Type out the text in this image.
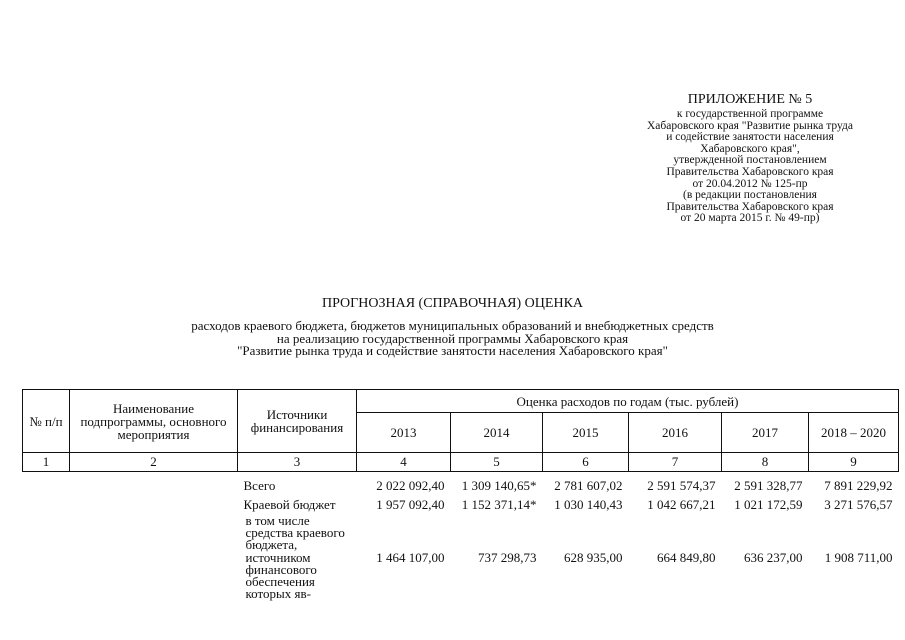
ПРИЛОЖЕНИЕ № 5
к государственной программе
Хабаровского края "Развитие рынка труда
и содействие занятости населения
Хабаровского края",
утвержденной постановлением
Правительства Хабаровского края
от 20.04.2012 № 125-пр
(в редакции постановления
Правительства Хабаровского края
от 20 марта 2015 г. № 49-пр)
ПРОГНОЗНАЯ (СПРАВОЧНАЯ) ОЦЕНКА
расходов краевого бюджета, бюджетов муниципальных образований и внебюджетных средств
на реализацию государственной программы Хабаровского края
"Развитие рынка труда и содействие занятости населения Хабаровского края"
№ п/п	Наименование подпрограммы, основного мероприятия	Источники финансирования	Оценка расходов по годам (тыс. рублей)					
			2013	2014	2015	2016	2017	2018 – 2020
1	2	3	4	5	6	7	8	9

		Всего	2 022 092,40	1 309 140,65*	2 781 607,02	2 591 574,37	2 591 328,77	7 891 229,92

		Краевой бюджет	1 957 092,40	1 152 371,14*	1 030 140,43	1 042 667,21	1 021 172,59	3 271 576,57

		в том числе средства краевого бюджета, источником финансового обеспечения которых яв-	1 464 107,00	737 298,73	628 935,00	664 849,80	636 237,00	1 908 711,00
